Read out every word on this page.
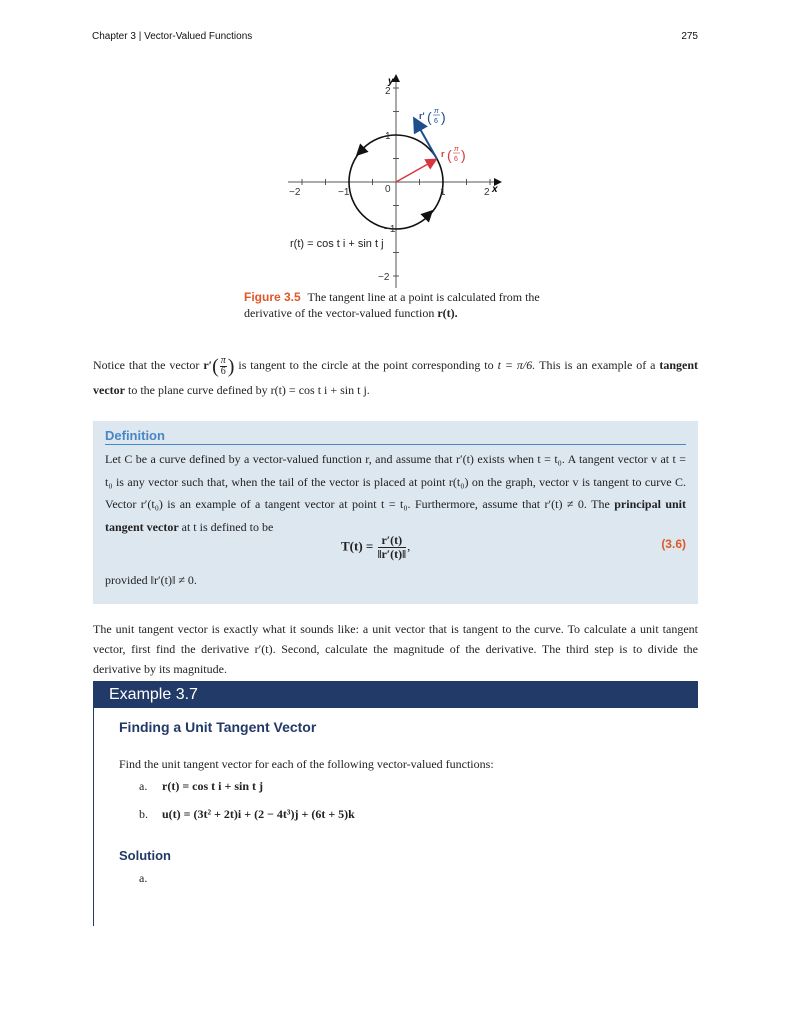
Chapter 3 | Vector-Valued Functions	275
y
x
−2	−1	0	1	2
2
1
−1
−2
r(t) = cos t i + sin t j
r' ( π
6 )
r ( π
6 )
Figure 3.5 The tangent line at a point is calculated from the derivative of the vector-valued function r(t).
Notice that the vector $r'( \frac{\pi}{6}$ ) is tangent to the circle at the point corresponding to t = π/6. This is an example of a tangent vector to the plane curve defined by r(t) = cos t i + sin t j.
Definition
Let C be a curve defined by a vector-valued function r, and assume that r′(t) exists when t = t₀. A tangent vector v at t = t₀ is any vector such that, when the tail of the vector is placed at point r(t₀) on the graph, vector v is tangent to curve C. Vector r′(t₀) is an example of a tangent vector at point t = t₀. Furthermore, assume that r′(t) ≠ 0. The principal unit tangent vector at t is defined to be
$T(t) = \frac{r'(t)}{‖r'(t)‖}$ ,	(3.6)
provided ‖r′(t)‖ ≠ 0.
The unit tangent vector is exactly what it sounds like: a unit vector that is tangent to the curve. To calculate a unit tangent vector, first find the derivative r′(t). Second, calculate the magnitude of the derivative. The third step is to divide the derivative by its magnitude.
Example 3.7
Finding a Unit Tangent Vector
Find the unit tangent vector for each of the following vector-valued functions:
a. r(t) = cos t i + sin t j
b. u(t) = (3t² + 2t)i + (2 − 4t³)j + (6t + 5)k
Solution
a.
